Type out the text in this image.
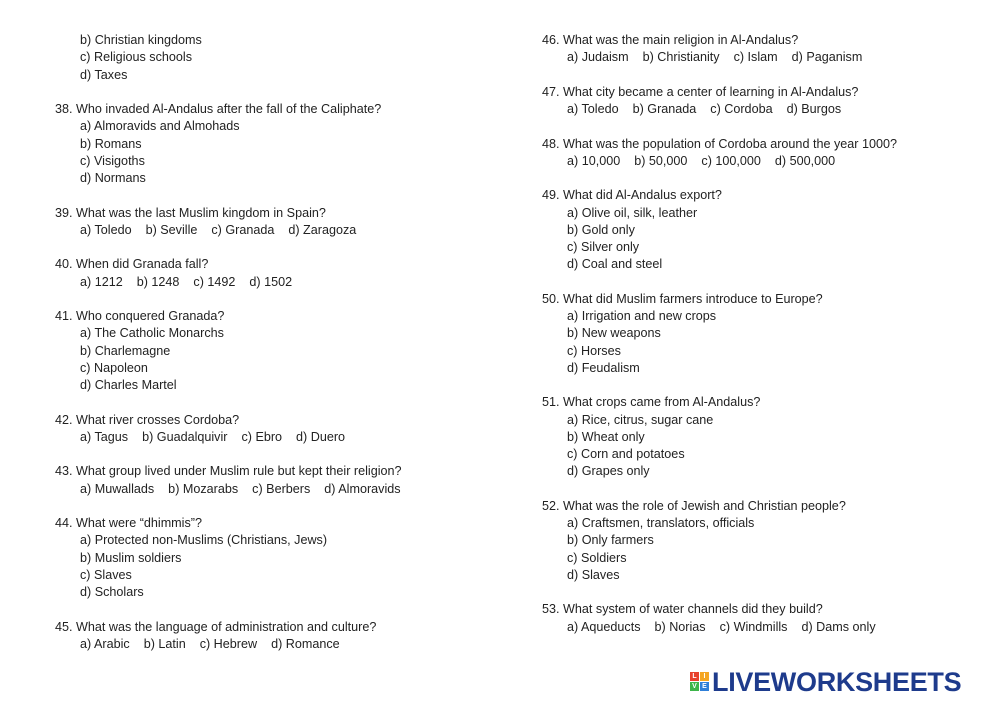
b) Christian kingdoms
c) Religious schools
d) Taxes
38. Who invaded Al-Andalus after the fall of the Caliphate?
a) Almoravids and Almohads
b) Romans
c) Visigoths
d) Normans
39. What was the last Muslim kingdom in Spain?
a) Toledo    b) Seville    c) Granada    d) Zaragoza
40. When did Granada fall?
a) 1212    b) 1248    c) 1492    d) 1502
41. Who conquered Granada?
a) The Catholic Monarchs
b) Charlemagne
c) Napoleon
d) Charles Martel
42. What river crosses Cordoba?
a) Tagus    b) Guadalquivir    c) Ebro    d) Duero
43. What group lived under Muslim rule but kept their religion?
a) Muwallads    b) Mozarabs    c) Berbers    d) Almoravids
44. What were “dhimmis”?
a) Protected non-Muslims (Christians, Jews)
b) Muslim soldiers
c) Slaves
d) Scholars
45. What was the language of administration and culture?
a) Arabic    b) Latin    c) Hebrew    d) Romance
46. What was the main religion in Al-Andalus?
a) Judaism    b) Christianity    c) Islam    d) Paganism
47. What city became a center of learning in Al-Andalus?
a) Toledo    b) Granada    c) Cordoba    d) Burgos
48. What was the population of Cordoba around the year 1000?
a) 10,000    b) 50,000    c) 100,000    d) 500,000
49. What did Al-Andalus export?
a) Olive oil, silk, leather
b) Gold only
c) Silver only
d) Coal and steel
50. What did Muslim farmers introduce to Europe?
a) Irrigation and new crops
b) New weapons
c) Horses
d) Feudalism
51. What crops came from Al-Andalus?
a) Rice, citrus, sugar cane
b) Wheat only
c) Corn and potatoes
d) Grapes only
52. What was the role of Jewish and Christian people?
a) Craftsmen, translators, officials
b) Only farmers
c) Soldiers
d) Slaves
53. What system of water channels did they build?
a) Aqueducts    b) Norias    c) Windmills    d) Dams only
L I
V E LIVEWORKSHEETS
